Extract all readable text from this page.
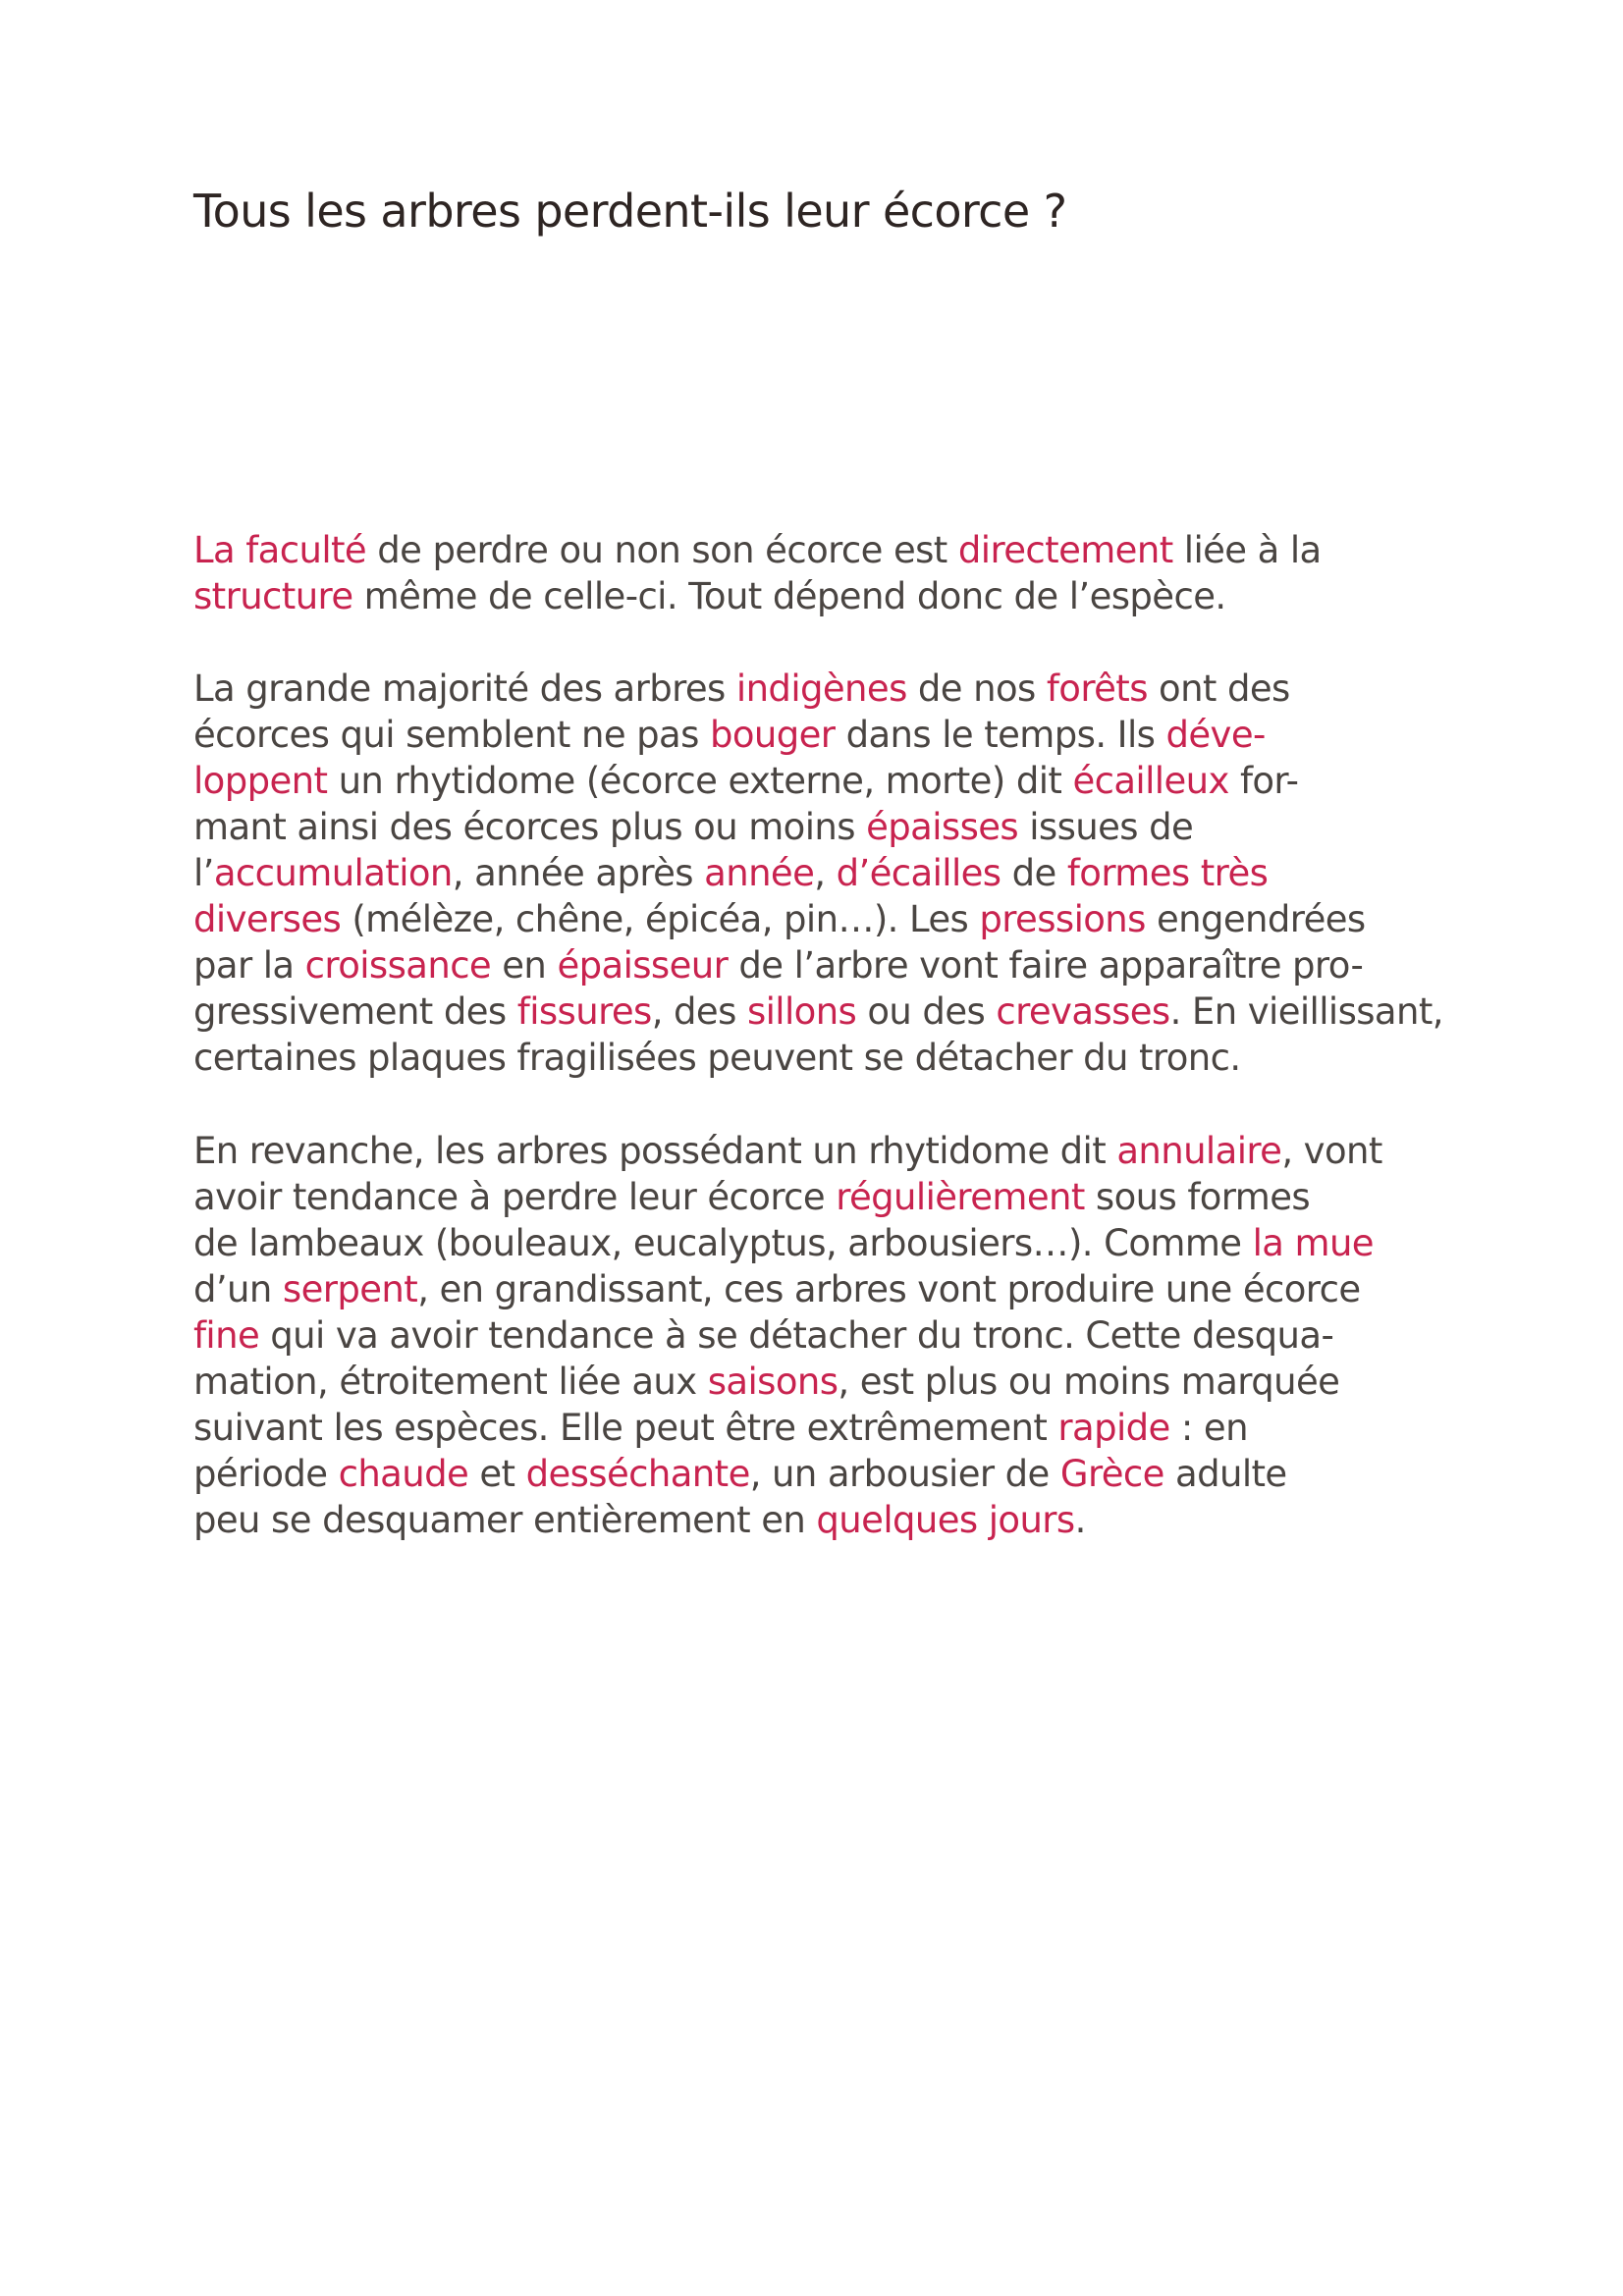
Tous les arbres perdent-ils leur écorce ?

La faculté de perdre ou non son écorce est directement liée à la
structure même de celle-ci. Tout dépend donc de l’espèce.

La grande majorité des arbres indigènes de nos forêts ont des
écorces qui semblent ne pas bouger dans le temps. Ils déve-
loppent un rhytidome (écorce externe, morte) dit écailleux for-
mant ainsi des écorces plus ou moins épaisses issues de
l’accumulation, année après année, d’écailles de formes très
diverses (mélèze, chêne, épicéa, pin…). Les pressions engendrées
par la croissance en épaisseur de l’arbre vont faire apparaître pro-
gressivement des fissures, des sillons ou des crevasses. En vieillissant,
certaines plaques fragilisées peuvent se détacher du tronc.

En revanche, les arbres possédant un rhytidome dit annulaire, vont
avoir tendance à perdre leur écorce régulièrement sous formes
de lambeaux (bouleaux, eucalyptus, arbousiers…). Comme la mue
d’un serpent, en grandissant, ces arbres vont produire une écorce
fine qui va avoir tendance à se détacher du tronc. Cette desqua-
mation, étroitement liée aux saisons, est plus ou moins marquée
suivant les espèces. Elle peut être extrêmement rapide : en
période chaude et desséchante, un arbousier de Grèce adulte
peu se desquamer entièrement en quelques jours.
